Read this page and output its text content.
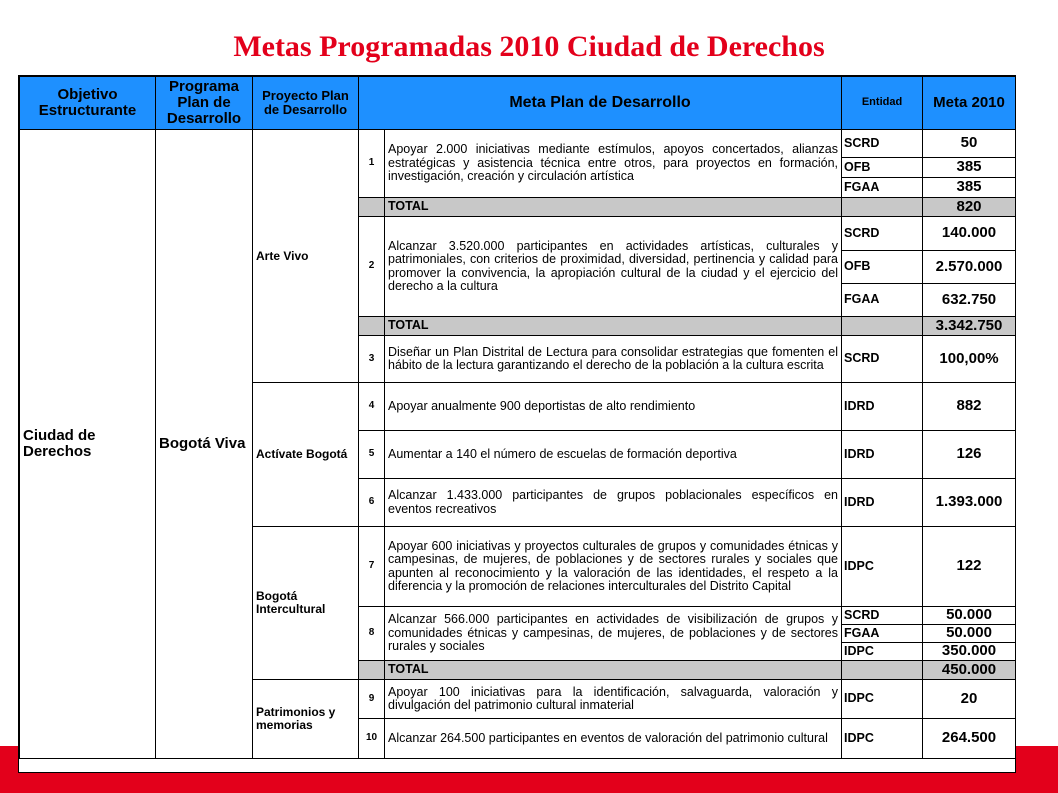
Metas Programadas 2010 Ciudad de Derechos
Objetivo Estructurante	Programa Plan de Desarrollo	Proyecto Plan de Desarrollo	Meta Plan de Desarrollo		Entidad	Meta 2010
Ciudad de Derechos	Bogotá Viva	Arte Vivo	1	Apoyar 2.000 iniciativas mediante estímulos, apoyos concertados, alianzas estratégicas y asistencia técnica entre otros, para proyectos en formación, investigación, creación y circulación artística	SCRD	50
					OFB	385
					FGAA	385
				TOTAL		820
			2	Alcanzar 3.520.000 participantes en actividades artísticas, culturales y patrimoniales, con criterios de proximidad, diversidad, pertinencia y calidad para promover la convivencia, la apropiación cultural de la ciudad y el ejercicio del derecho a la cultura	SCRD	140.000
					OFB	2.570.000
					FGAA	632.750
				TOTAL		3.342.750
			3	Diseñar un Plan Distrital de Lectura para consolidar estrategias que fomenten el hábito de la lectura garantizando el derecho de la población a la cultura escrita	SCRD	100,00%
		Actívate Bogotá	4	Apoyar anualmente 900 deportistas de alto rendimiento	IDRD	882
			5	Aumentar a 140 el número de escuelas de formación deportiva	IDRD	126
			6	Alcanzar 1.433.000 participantes de grupos poblacionales específicos en eventos recreativos	IDRD	1.393.000
		Bogotá Intercultural	7	Apoyar 600 iniciativas y proyectos culturales de grupos y comunidades étnicas y campesinas, de mujeres, de poblaciones y de sectores rurales y sociales que apunten al reconocimiento y la valoración de las identidades, el respeto a la diferencia y la promoción de relaciones interculturales del Distrito Capital	IDPC	122
			8	Alcanzar 566.000 participantes en actividades de visibilización de grupos y comunidades étnicas y campesinas, de mujeres, de poblaciones y de sectores rurales y sociales	SCRD	50.000
					FGAA	50.000
					IDPC	350.000
				TOTAL		450.000
		Patrimonios y memorias	9	Apoyar 100 iniciativas para la identificación, salvaguarda, valoración y divulgación del patrimonio cultural inmaterial	IDPC	20
			10	Alcanzar 264.500 participantes en eventos de valoración del patrimonio cultural	IDPC	264.500
